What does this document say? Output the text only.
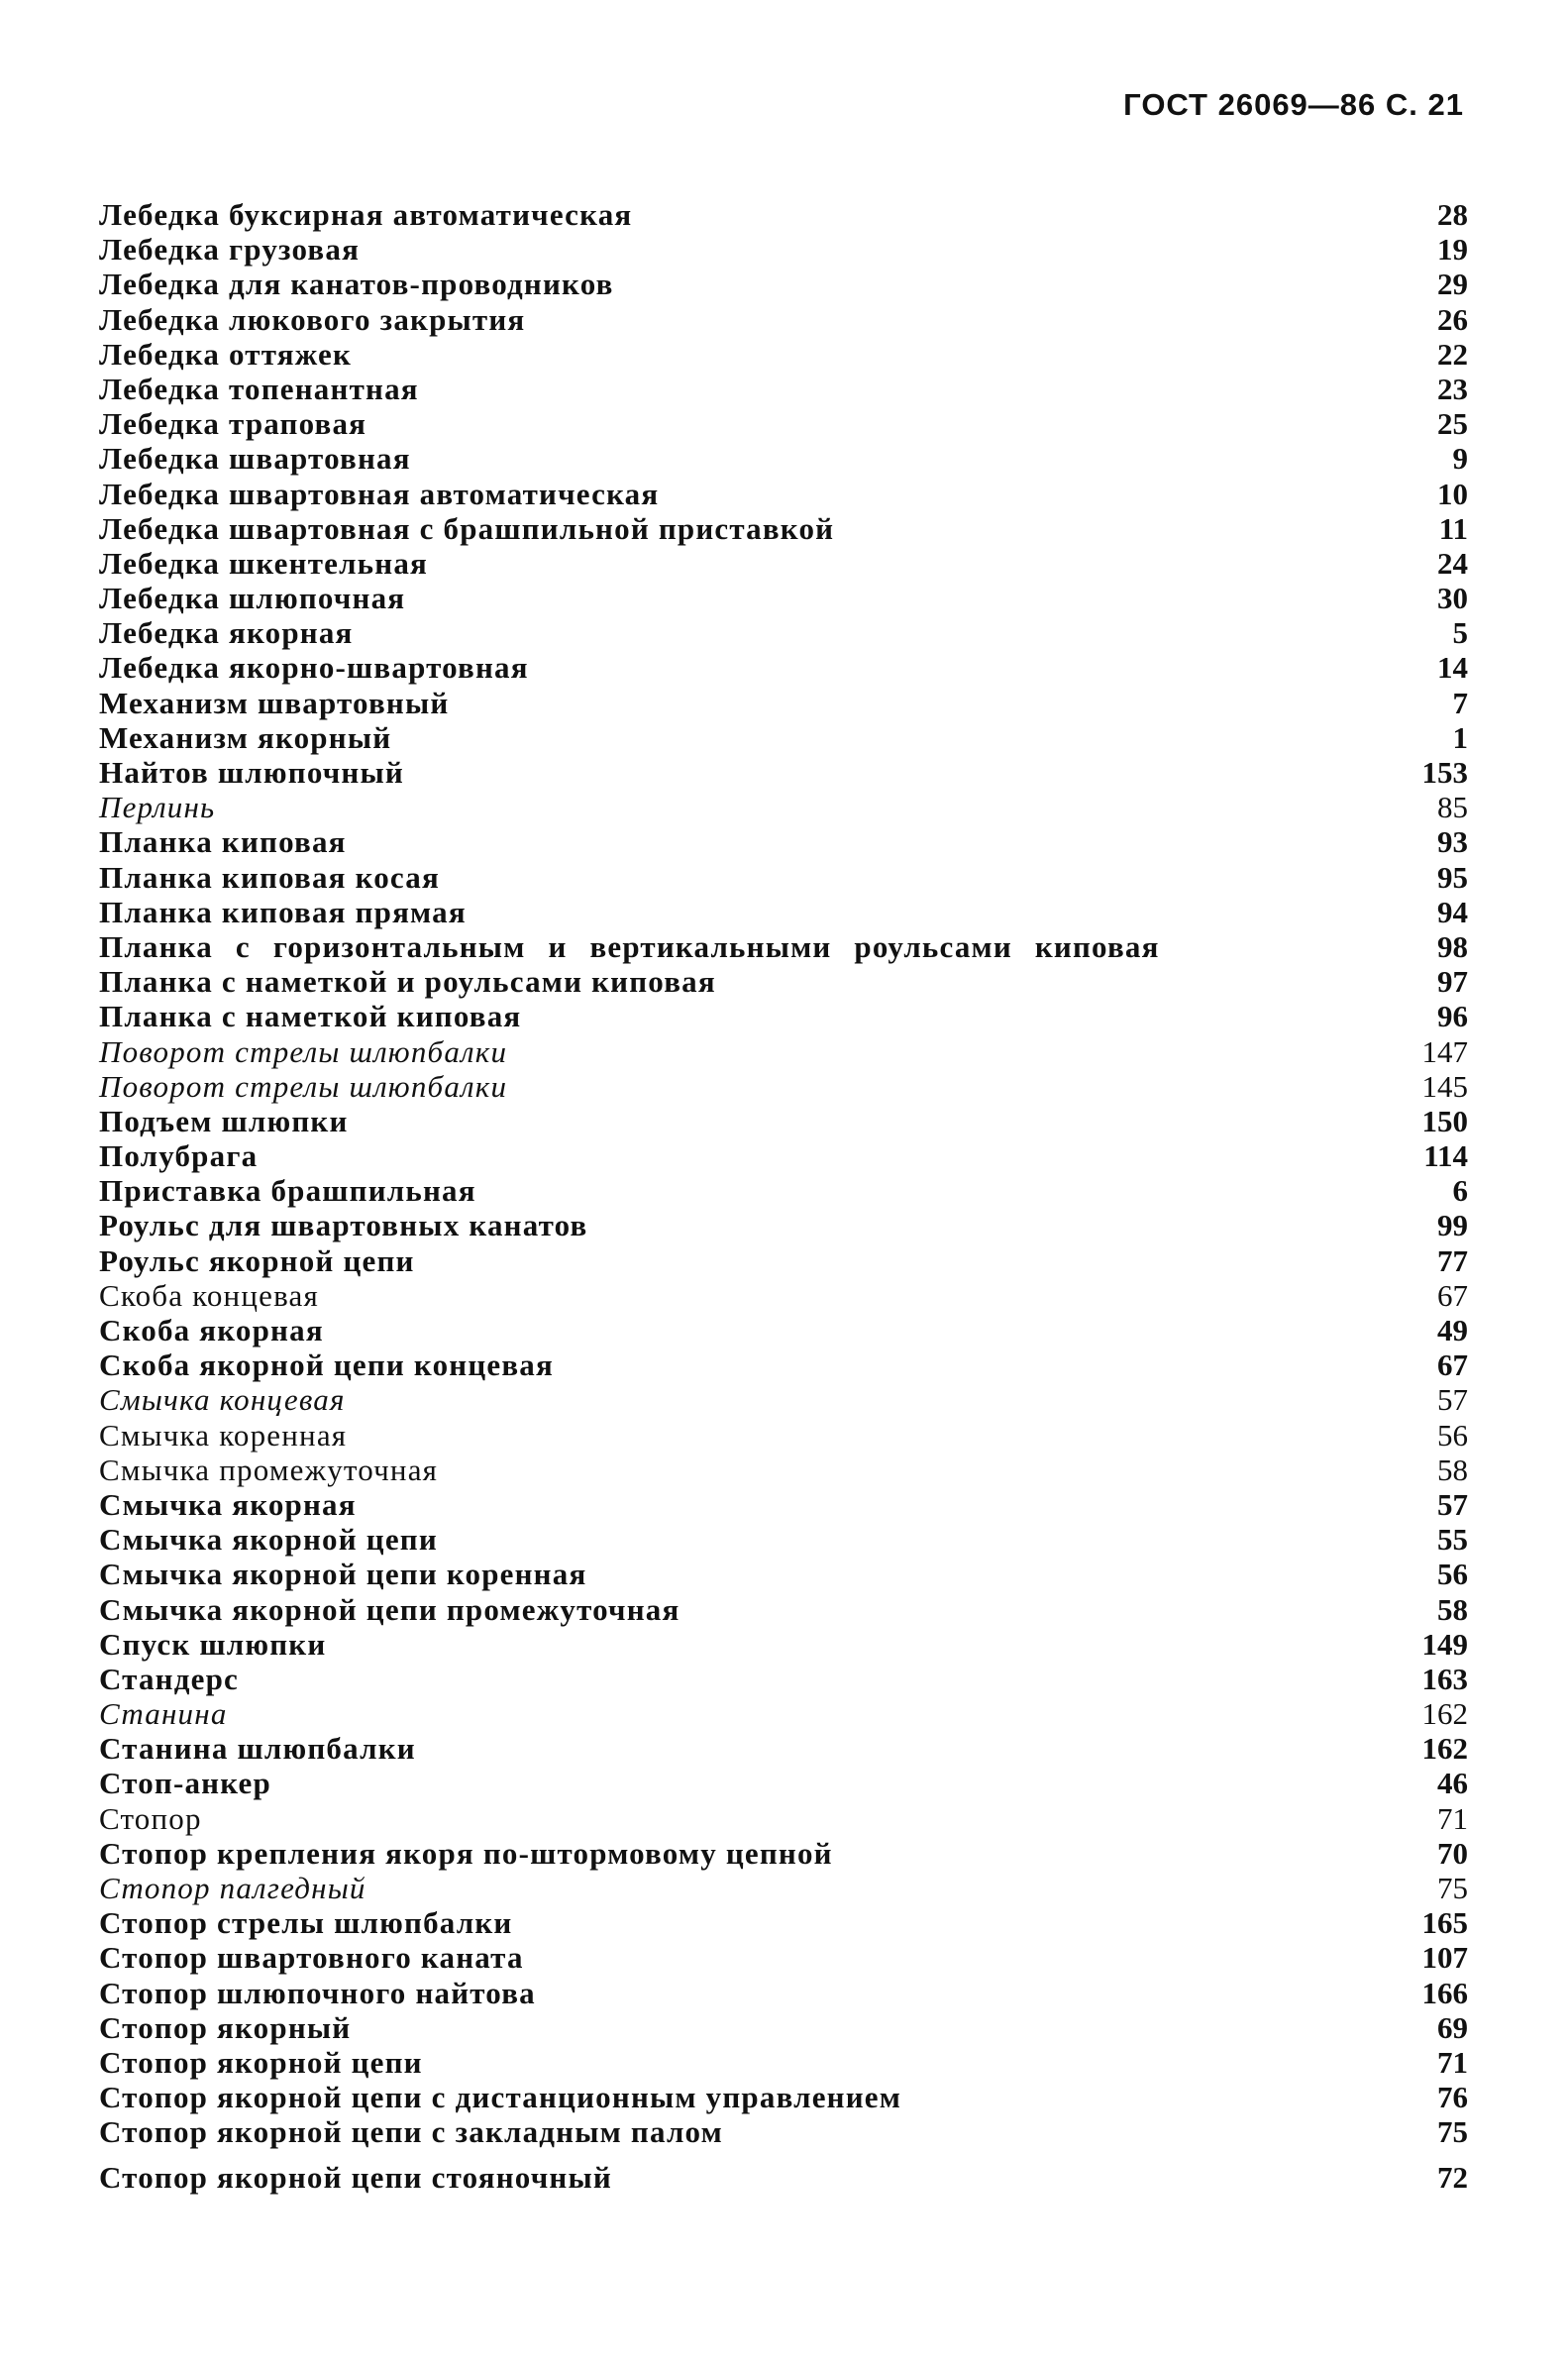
ГОСТ 26069—86 С. 21
Лебедка буксирная автоматическая	28
Лебедка грузовая	19
Лебедка для канатов-проводников	29
Лебедка люкового закрытия	26
Лебедка оттяжек	22
Лебедка топенантная	23
Лебедка траповая	25
Лебедка швартовная	9
Лебедка швартовная автоматическая	10
Лебедка швартовная с брашпильной приставкой	11
Лебедка шкентельная	24
Лебедка шлюпочная	30
Лебедка якорная	5
Лебедка якорно-швартовная	14
Механизм швартовный	7
Механизм якорный	1
Найтов шлюпочный	153
Перлинь	85
Планка киповая	93
Планка киповая косая	95
Планка киповая прямая	94
Планка с горизонтальным и вертикальными роульсами киповая	98
Планка с наметкой и роульсами киповая	97
Планка с наметкой киповая	96
Поворот стрелы шлюпбалки	147
Поворот стрелы шлюпбалки	145
Подъем шлюпки	150
Полубрага	114
Приставка брашпильная	6
Роульс для швартовных канатов	99
Роульс якорной цепи	77
Скоба концевая	67
Скоба якорная	49
Скоба якорной цепи концевая	67
Смычка концевая	57
Смычка коренная	56
Смычка промежуточная	58
Смычка якорная	57
Смычка якорной цепи	55
Смычка якорной цепи коренная	56
Смычка якорной цепи промежуточная	58
Спуск шлюпки	149
Стандерс	163
Станина	162
Станина шлюпбалки	162
Стоп-анкер	46
Стопор	71
Стопор крепления якоря по-штормовому цепной	70
Стопор палгедный	75
Стопор стрелы шлюпбалки	165
Стопор швартовного каната	107
Стопор шлюпочного найтова	166
Стопор якорный	69
Стопор якорной цепи	71
Стопор якорной цепи с дистанционным управлением	76
Стопор якорной цепи с закладным палом	75
Стопор якорной цепи стояночный	72
